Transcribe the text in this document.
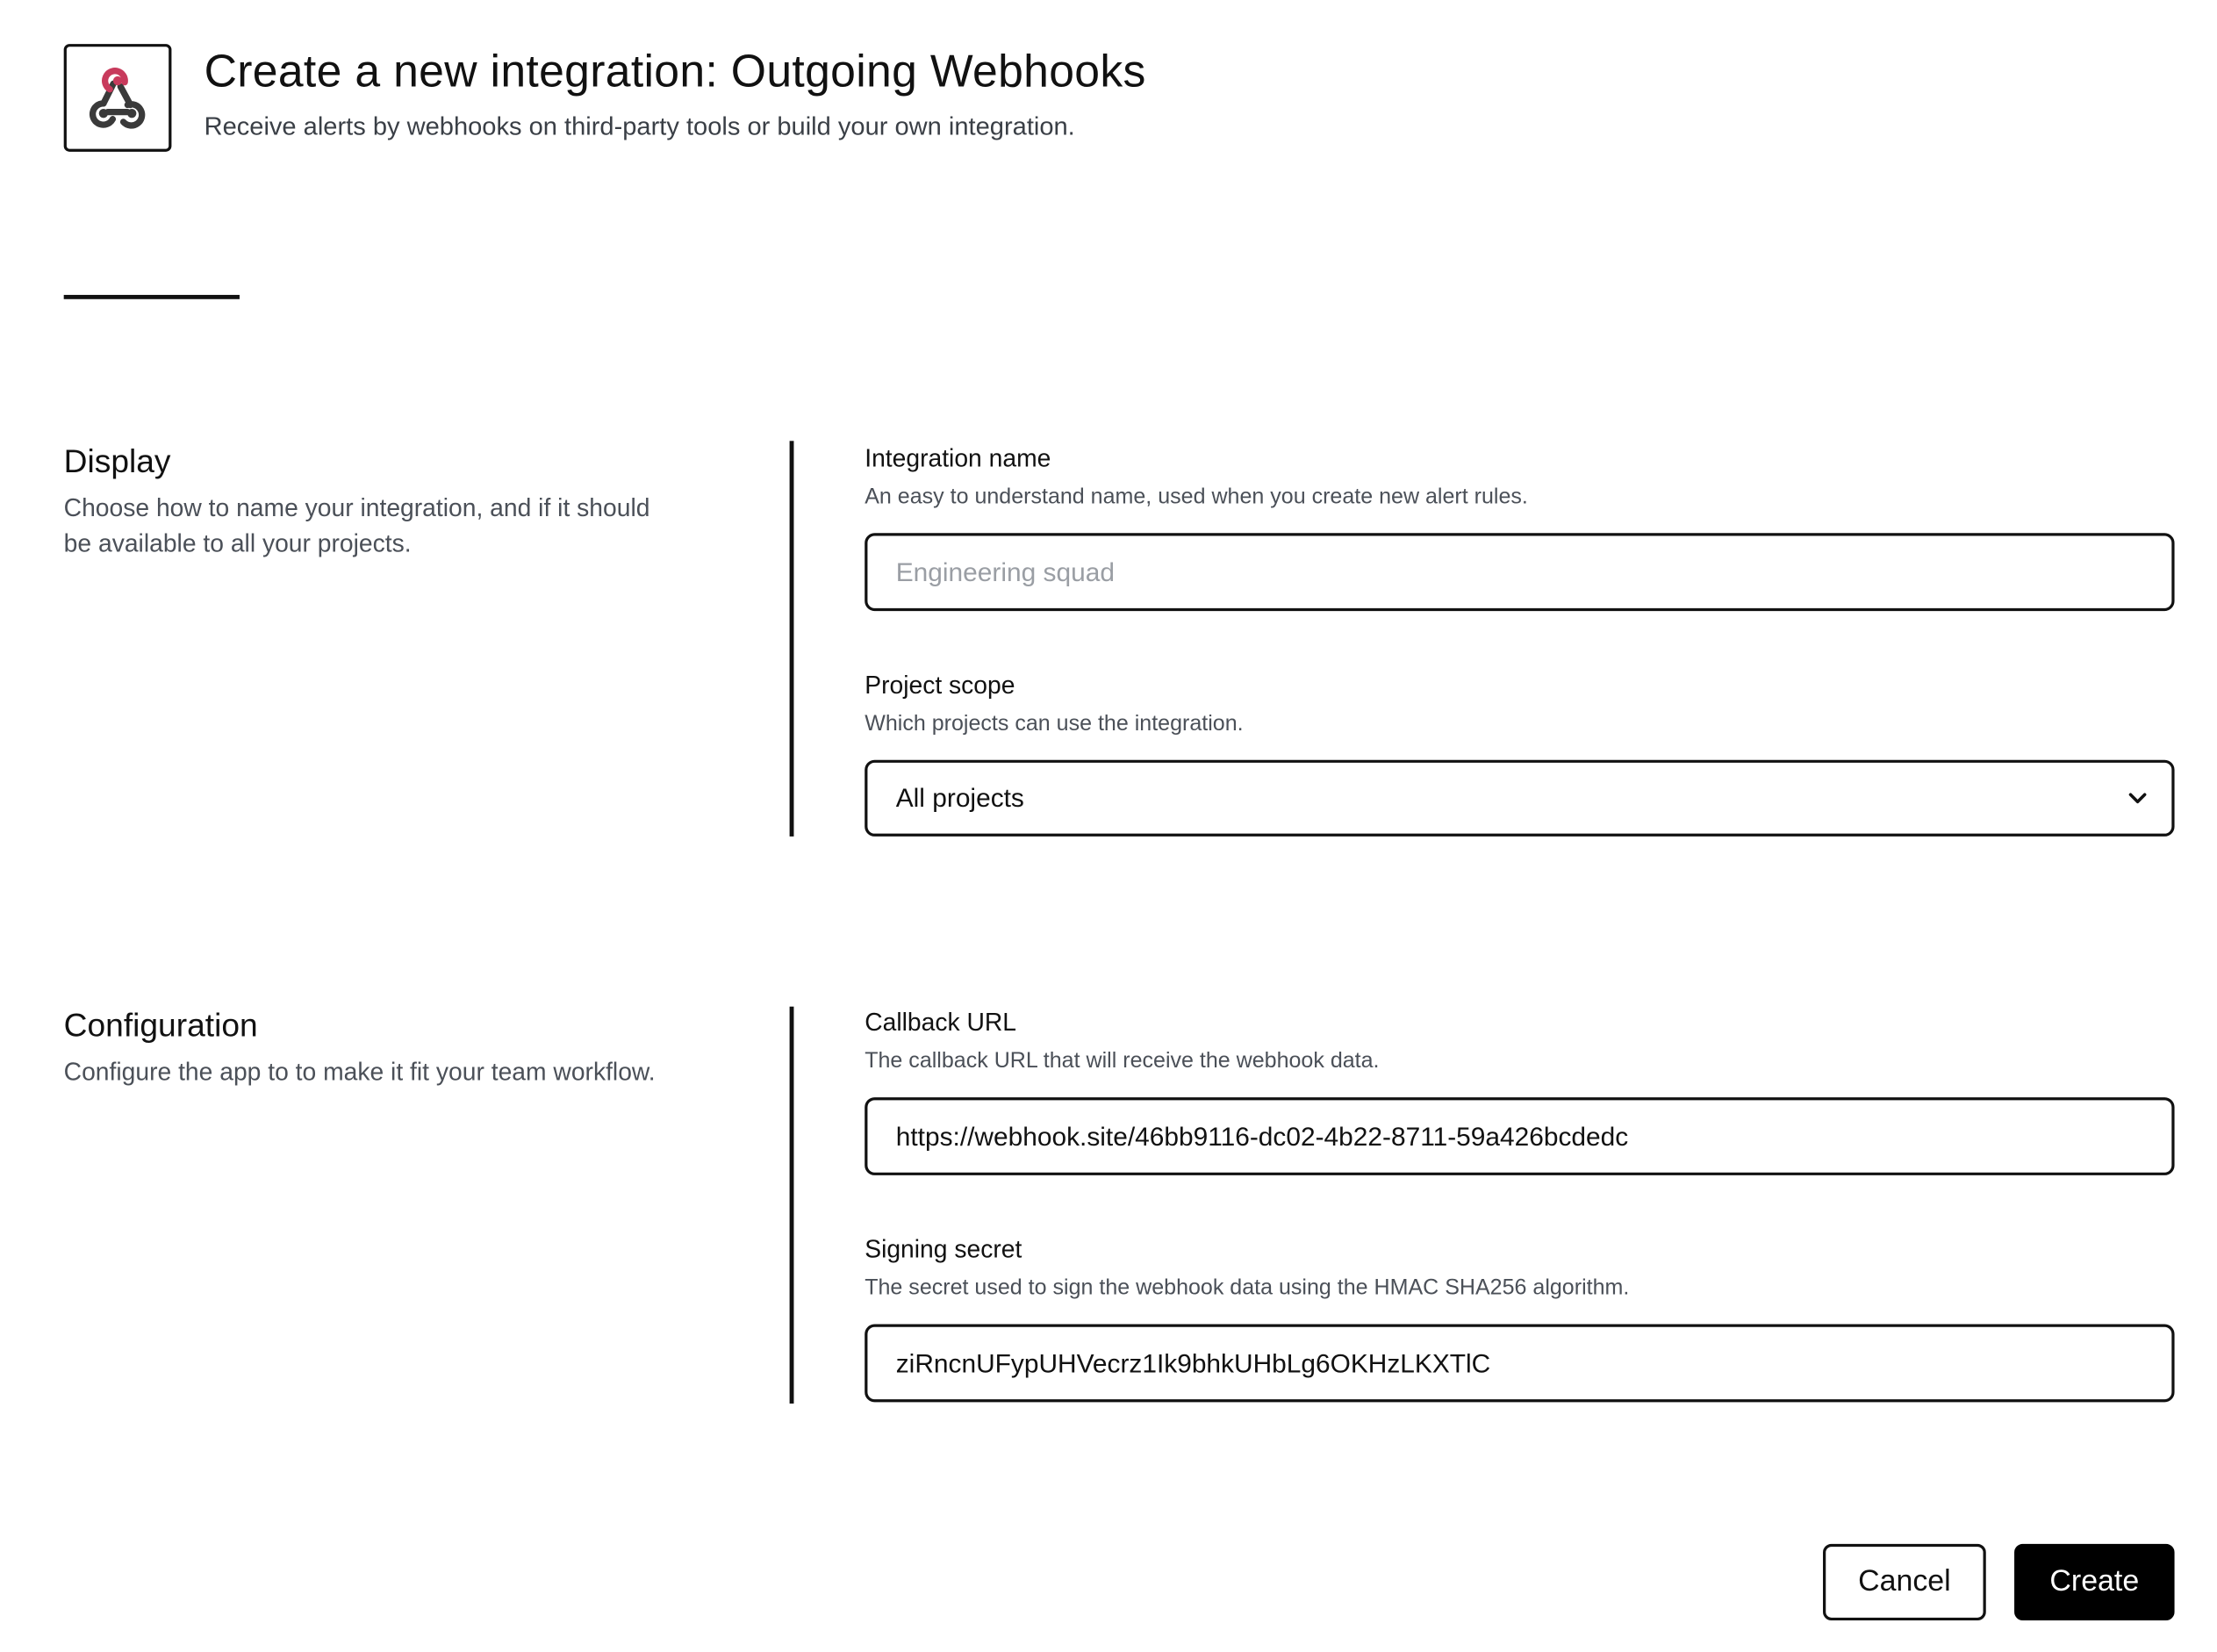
Create a new integration: Outgoing Webhooks
Receive alerts by webhooks on third-party tools or build your own integration.
Display
Choose how to name your integration, and if it should be available to all your projects.
Integration name
An easy to understand name, used when you create new alert rules.
Engineering squad
Project scope
Which projects can use the integration.
All projects
Configuration
Configure the app to to make it fit your team workflow.
Callback URL
The callback URL that will receive the webhook data.
https://webhook.site/46bb9116-dc02-4b22-8711-59a426bcdedc
Signing secret
The secret used to sign the webhook data using the HMAC SHA256 algorithm.
ziRncnUFypUHVecrz1Ik9bhkUHbLg6OKHzLKXTlC
Cancel	Create
